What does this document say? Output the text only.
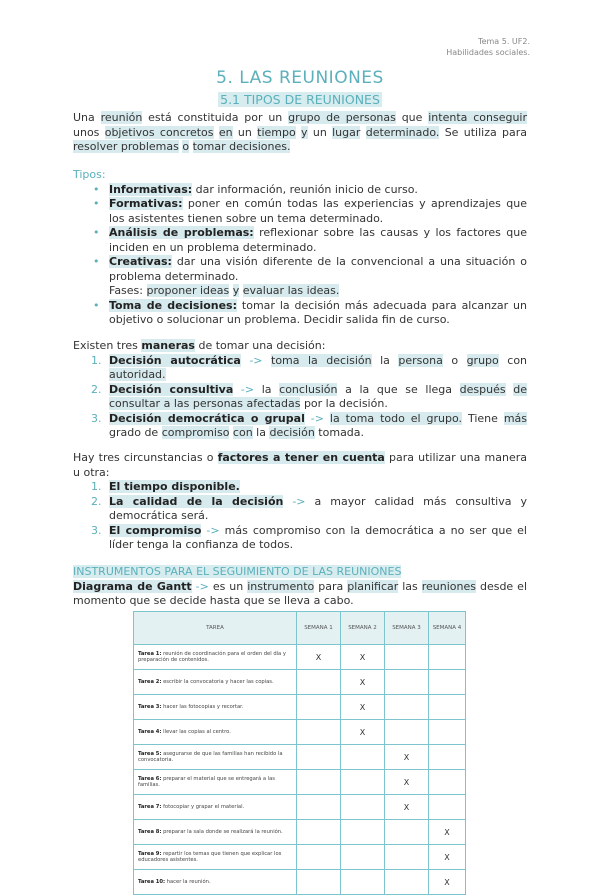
Tema 5. UF2.
Habilidades sociales.
5. LAS REUNIONES
5.1 TIPOS DE REUNIONES
Una reunión está constituida por un grupo de personas que intenta conseguir unos objetivos concretos en un tiempo y un lugar determinado. Se utiliza para resolver problemas o tomar decisiones.
Tipos:
• Informativas: dar información, reunión inicio de curso.
• Formativas: poner en común todas las experiencias y aprendizajes que los asistentes tienen sobre un tema determinado.
• Análisis de problemas: reflexionar sobre las causas y los factores que inciden en un problema determinado.
• Creativas: dar una visión diferente de la convencional a una situación o problema determinado.
Fases: proponer ideas y evaluar las ideas.
• Toma de decisiones: tomar la decisión más adecuada para alcanzar un objetivo o solucionar un problema. Decidir salida fin de curso.

Existen tres maneras de tomar una decisión:

1. Decisión autocrática -> toma la decisión la persona o grupo con autoridad.
2. Decisión consultiva -> la conclusión a la que se llega después de consultar a las personas afectadas por la decisión.
3. Decisión democrática o grupal -> la toma todo el grupo. Tiene más grado de compromiso con la decisión tomada.

Hay tres circunstancias o factores a tener en cuenta para utilizar una manera u otra:

1. El tiempo disponible.
2. La calidad de la decisión -> a mayor calidad más consultiva y democrática será.
3. El compromiso -> más compromiso con la democrática a no ser que el líder tenga la confianza de todos.
INSTRUMENTOS PARA EL SEGUIMIENTO DE LAS REUNIONES

Diagrama de Gantt -> es un instrumento para planificar las reuniones desde el momento que se decide hasta que se lleva a cabo.

TAREA	SEMANA 1	SEMANA 2	SEMANA 3	SEMANA 4
Tarea 1: reunión de coordinación para el orden del día y preparación de contenidos.	X	X		
Tarea 2: escribir la convocatoria y hacer las copias.		X		
Tarea 3: hacer las fotocopias y recortar.		X		
Tarea 4: llevar las copias al centro.		X		
Tarea 5: asegurarse de que las familias han recibido la convocatoria.			X	
Tarea 6: preparar el material que se entregará a las familias.			X	
Tarea 7: fotocopiar y grapar el material.			X	
Tarea 8: preparar la sala donde se realizará la reunión.				X
Tarea 9: repartir los temas que tienen que explicar los educadores asistentes.				X
Tarea 10: hacer la reunión.				X
